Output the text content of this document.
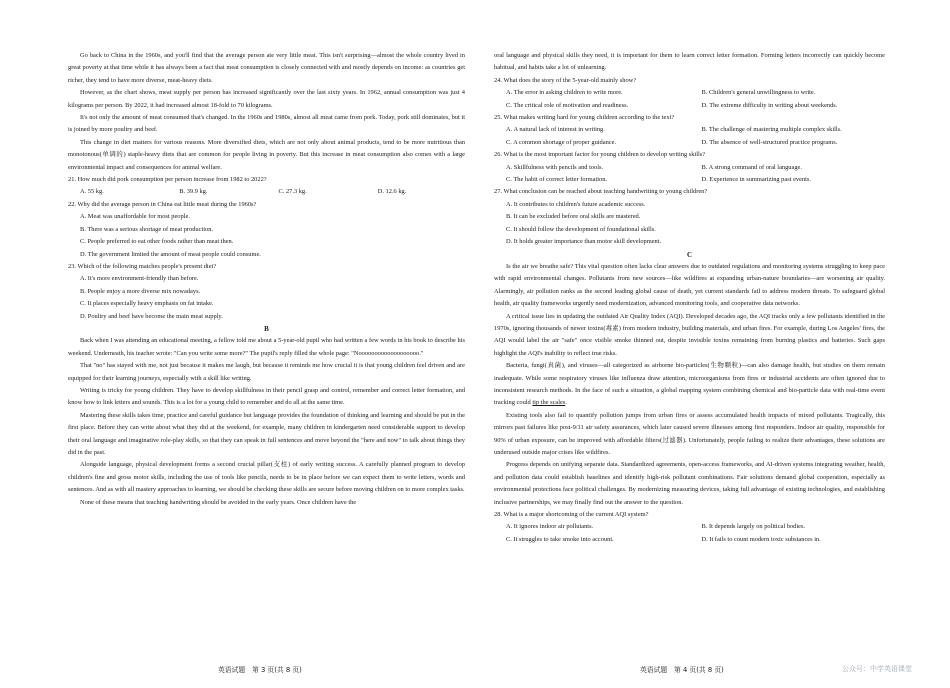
Go back to China in the 1960s, and you'll find that the average person ate very little meat. This isn't surprising—almost the whole country lived in great poverty at that time while it has always been a fact that meat consumption is closely connected with and mostly depends on income: as countries get richer, they tend to have more diverse, meat-heavy diets.

However, as the chart shows, meat supply per person has increased significantly over the last sixty years. In 1962, annual consumption was just 4 kilograms per person. By 2022, it had increased almost 18-fold to 70 kilograms.

It's not only the amount of meat consumed that's changed. In the 1960s and 1980s, almost all meat came from pork. Today, pork still dominates, but it is joined by more poultry and beef.

This change in diet matters for various reasons. More diversified diets, which are not only about animal products, tend to be more nutritious than monotonous(单调的) staple-heavy diets that are common for people living in poverty. But this increase in meat consumption also comes with a large environmental impact and consequences for animal welfare.

21. How much did pork consumption per person increase from 1982 to 2022?

A. 55 kg.	B. 39.9 kg.	C. 27.3 kg.	D. 12.6 kg.

22. Why did the average person in China eat little meat during the 1960s?

A. Meat was unaffordable for most people.
B. There was a serious shortage of meat production.
C. People preferred to eat other foods rather than meat then.
D. The government limited the amount of meat people could consume.

23. Which of the following matches people's present diet?

A. It's more environment-friendly than before.
B. People enjoy a more diverse mix nowadays.
C. It places especially heavy emphasis on fat intake.
D. Poultry and beef have become the main meat supply.

B

Back when I was attending an educational meeting, a fellow told me about a 5-year-old pupil who had written a few words in his book to describe his weekend. Underneath, his teacher wrote: "Can you write some more?" The pupil's reply filled the whole page: "Nooooooooooooooooooo."

That "no" has stayed with me, not just because it makes me laugh, but because it reminds me how crucial it is that young children feel driven and are equipped for their learning journeys, especially with a skill like writing.

Writing is tricky for young children. They have to develop skillfulness in their pencil grasp and control, remember and correct letter formation, and know how to link letters and sounds. This is a lot for a young child to remember and do all at the same time.

Mastering these skills takes time, practice and careful guidance but language provides the foundation of thinking and learning and should be put in the first place. Before they can write about what they did at the weekend, for example, many children in kindergarten need considerable support to develop their oral language and imaginative role-play skills, so that they can speak in full sentences and move beyond the "here and now" to talk about things they did in the past.

Alongside language, physical development forms a second crucial pillar(支柱) of early writing success. A carefully planned program to develop children's fine and gross motor skills, including the use of tools like pencils, needs to be in place before we can expect them to write letters, words and sentences. And as with all mastery approaches to learning, we should be checking these skills are secure before moving children on to more complex tasks.

None of these means that teaching handwriting should be avoided in the early years. Once children have the

oral language and physical skills they need, it is important for them to learn correct letter formation. Forming letters incorrectly can quickly become habitual, and habits take a lot of unlearning.

24. What does the story of the 5-year-old mainly show?

A. The error in asking children to write more.	B. Children's general unwillingness to write.
C. The critical role of motivation and readiness.	D. The extreme difficulty in writing about weekends.

25. What makes writing hard for young children according to the text?

A. A natural lack of interest in writing.	B. The challenge of mastering multiple complex skills.
C. A common shortage of proper guidance.	D. The absence of well-structured practice programs.

26. What is the most important factor for young children to develop writing skills?

A. Skillfulness with pencils and tools.	B. A strong command of oral language.
C. The habit of correct letter formation.	D. Experience in summarizing past events.

27. What conclusion can be reached about teaching handwriting to young children?

A. It contributes to children's future academic success.
B. It can be excluded before oral skills are mastered.
C. It should follow the development of foundational skills.
D. It holds greater importance than motor skill development.

C

Is the air we breathe safe? This vital question often lacks clear answers due to outdated regulations and monitoring systems struggling to keep pace with rapid environmental changes. Pollutants from new sources—like wildfires at expanding urban-nature boundaries—are worsening air quality. Alarmingly, air pollution ranks as the second leading global cause of death, yet current standards fail to address modern threats. To safeguard global health, air quality frameworks urgently need modernization, advanced monitoring tools, and cooperative data networks.

A critical issue lies in updating the outdated Air Quality Index (AQI). Developed decades ago, the AQI tracks only a few pollutants identified in the 1970s, ignoring thousands of newer toxins(毒素) from modern industry, building materials, and urban fires. For example, during Los Angeles' fires, the AQI would label the air "safe" once visible smoke thinned out, despite invisible toxins remaining from burning plastics and batteries. Such gaps highlight the AQI's inability to reflect true risks.

Bacteria, fungi(真菌), and viruses—all categorized as airborne bio-particles(生物颗粒)—can also damage health, but studies on them remain inadequate. While some respiratory viruses like influenza draw attention, microorganisms from fires or industrial accidents are often ignored due to inconsistent research methods. In the face of such a situation, a global mapping system combining chemical and bio-particle data with real-time event tracking could tip the scales.

Existing tools also fail to quantify pollution jumps from urban fires or assess accumulated health impacts of mixed pollutants. Tragically, this mirrors past failures like post-9/11 air safety assurances, which later caused severe illnesses among first responders. Indoor air quality, responsible for 90% of urban exposure, can be improved with affordable filters(过滤器). Unfortunately, people failing to realize their advantages, these solutions are underused outside major crises like wildfires.

Progress depends on unifying separate data. Standardized agreements, open-access frameworks, and AI-driven systems integrating weather, health, and pollution data could establish baselines and identify high-risk pollutant combinations. Fair solutions demand global cooperation, especially as environmental protections face political challenges. By modernizing measuring devices, taking full advantage of existing technologies, and establishing inclusive partnerships, we may finally find out the answer to the question.

28. What is a major shortcoming of the current AQI system?

A. It ignores indoor air pollutants.	B. It depends largely on political bodies.
C. It struggles to take smoke into account.	D. It fails to count modern toxic substances in.
英语试题　第 3 页(共 8 页)	英语试题　第 4 页(共 8 页)	公众号：中学英语课堂
